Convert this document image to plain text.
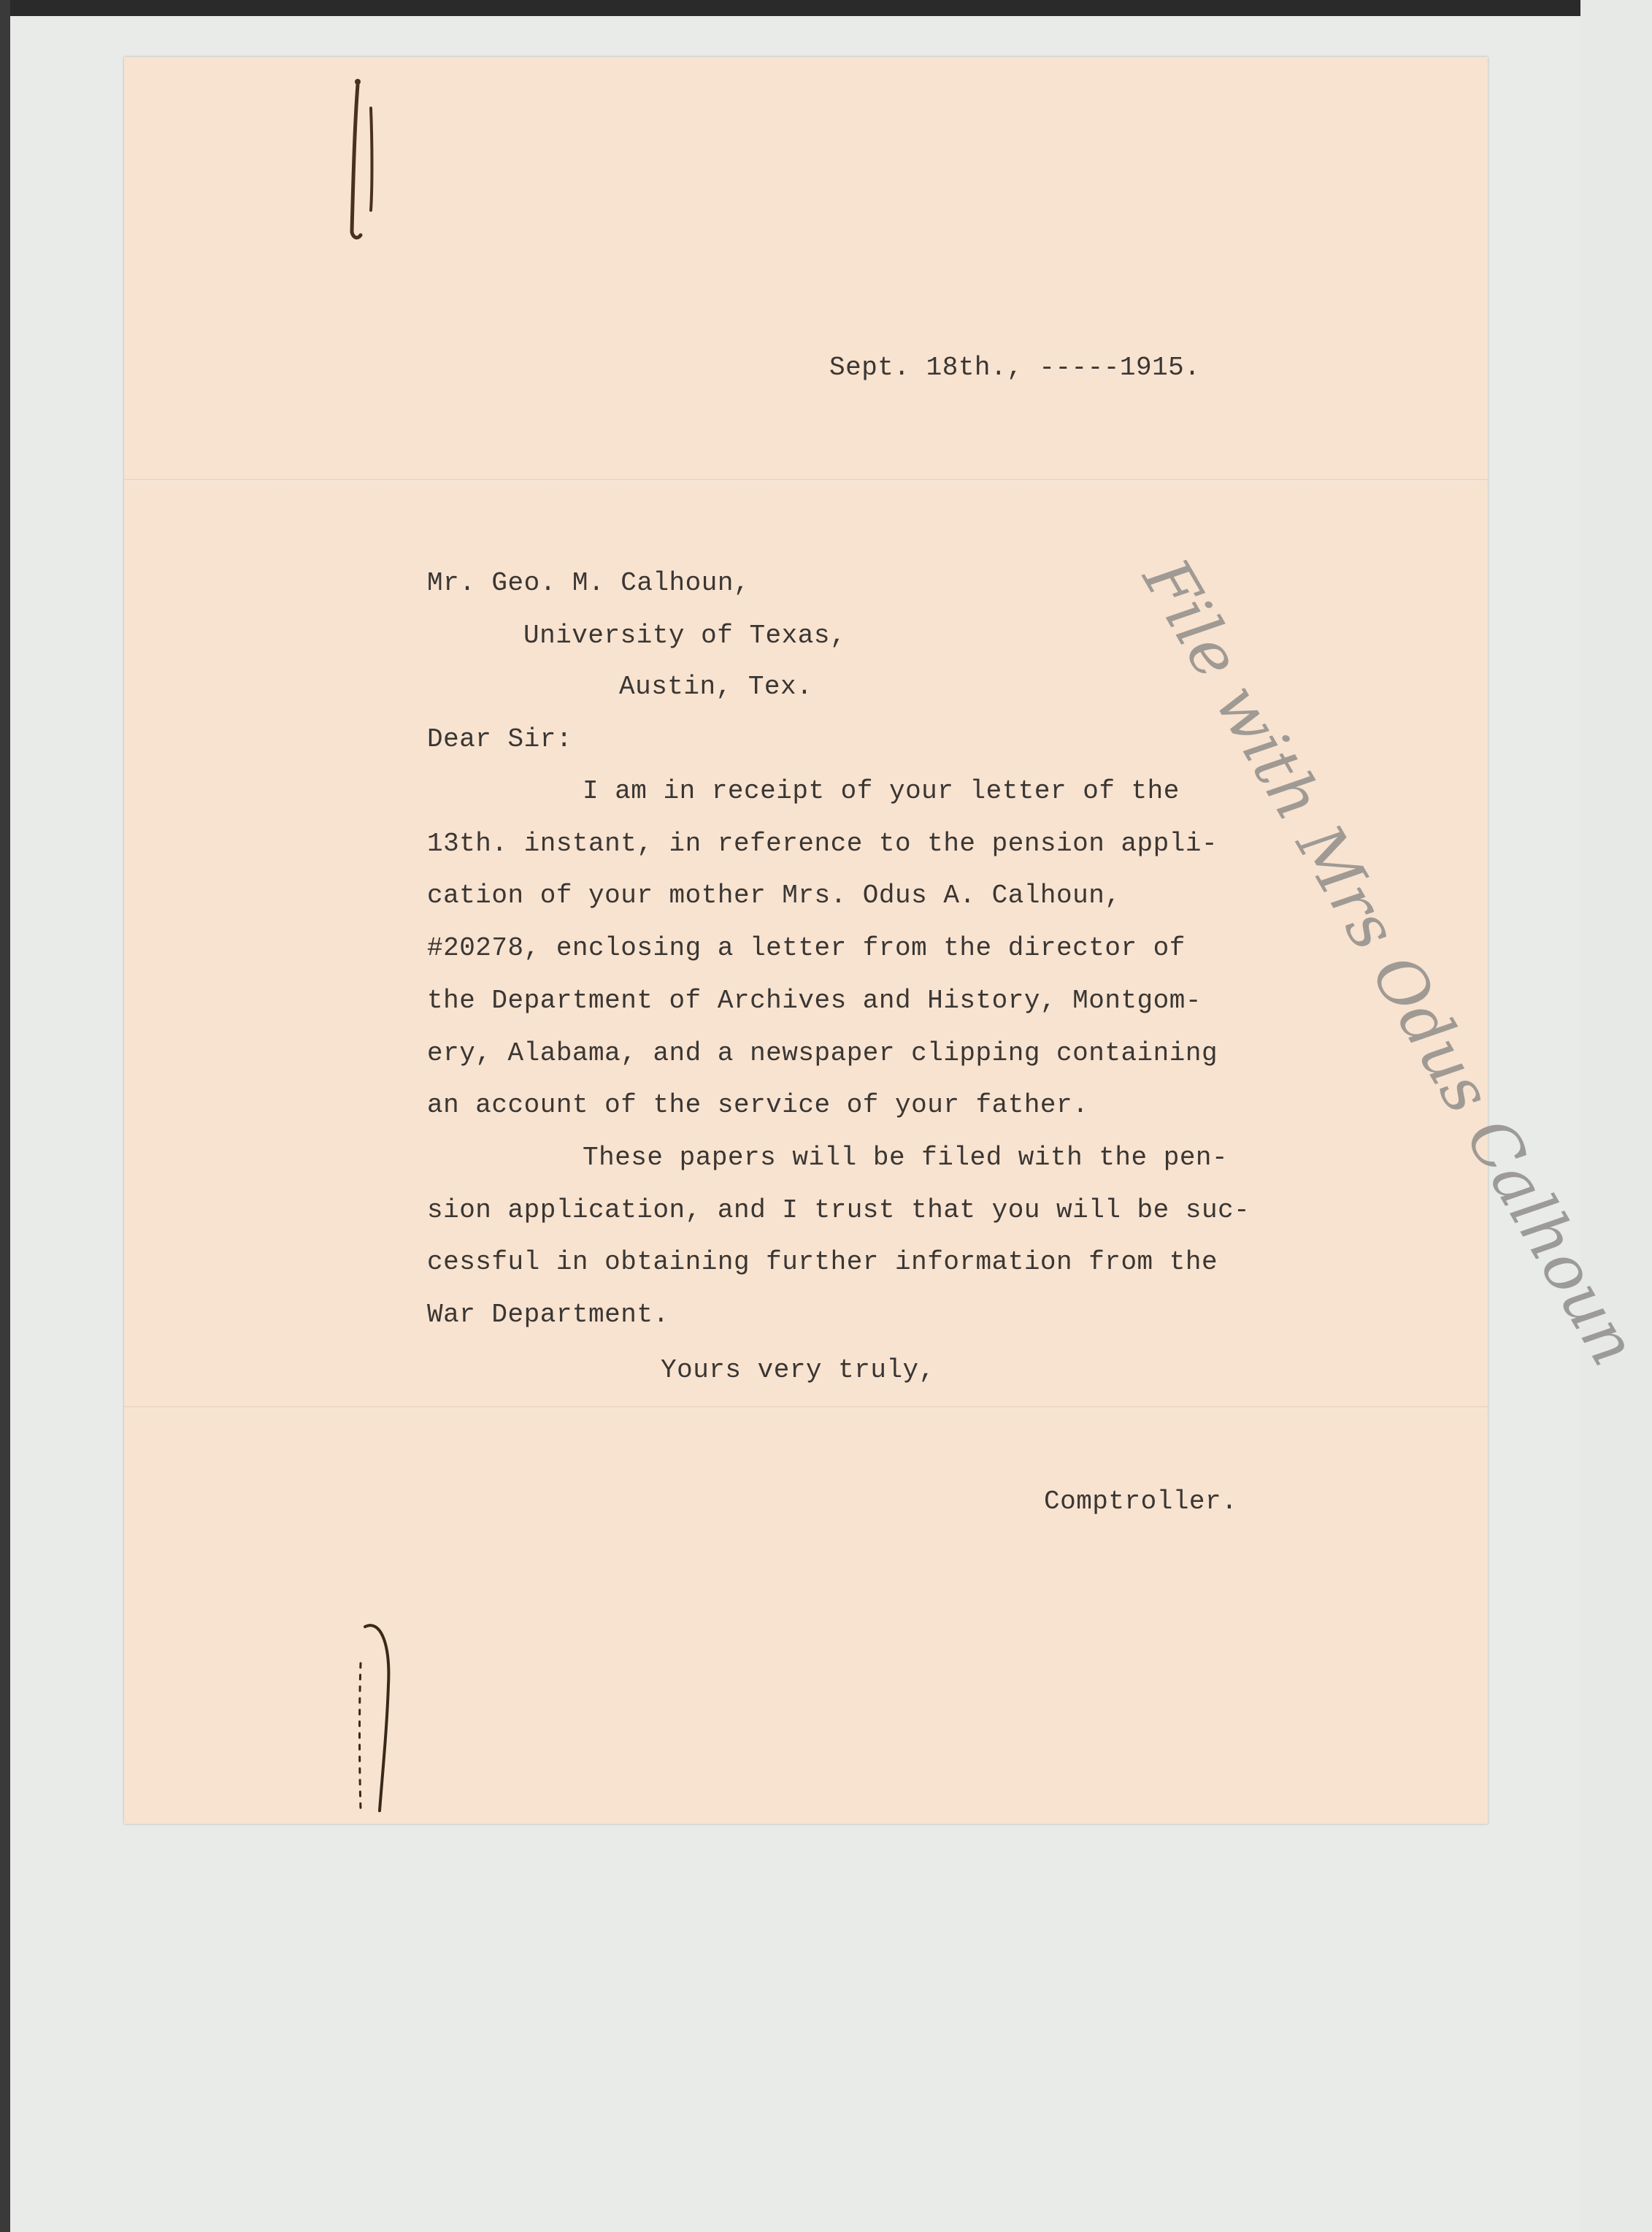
Sept. 18th., -----1915.
Mr. Geo. M. Calhoun,
University of Texas,
Austin, Tex.
Dear Sir:
I am in receipt of your letter of the
13th. instant, in reference to the pension appli-
cation of your mother Mrs. Odus A. Calhoun,
#20278, enclosing a letter from the director of
the Department of Archives and History, Montgom-
ery, Alabama, and a newspaper clipping containing
an account of the service of your father.
These papers will be filed with the pen-
sion application, and I trust that you will be suc-
cessful in obtaining further information from the
War Department.
Yours very truly,
Comptroller.
File with Mrs Odus Calhoun
